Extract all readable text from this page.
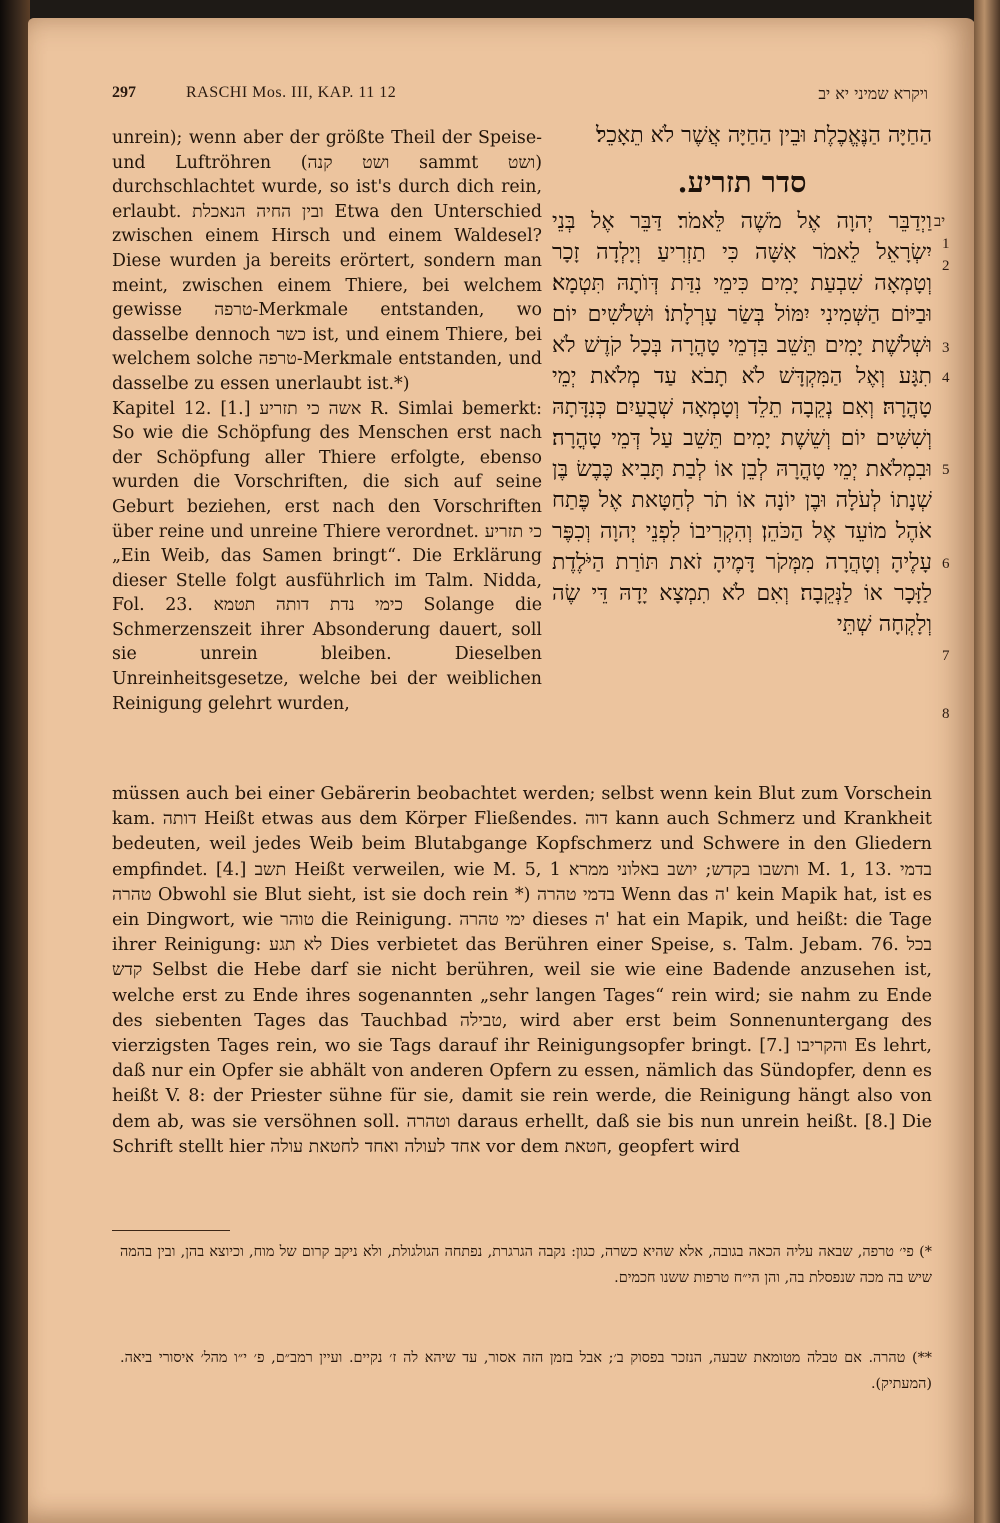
297	RASCHI Mos. III, KAP. 11 12	ויקרא שמיני יא יב

unrein); wenn aber der größte Theil der Speise- und Luftröhren (ושט קנה sammt ושט) durchschlachtet wurde, so ist's durch dich rein, erlaubt. ובין החיה הנאכלת Etwa den Unterschied zwischen einem Hirsch und einem Waldesel? Diese wurden ja bereits erörtert, sondern man meint, zwischen einem Thiere, bei welchem gewisse טרפה-Merkmale entstanden, wo dasselbe dennoch כשר ist, und einem Thiere, bei welchem solche טרפה-Merkmale entstanden, und dasselbe zu essen unerlaubt ist.*)

Kapitel 12. [1.] אשה כי תזריע R. Simlai bemerkt: So wie die Schöpfung des Menschen erst nach der Schöpfung aller Thiere erfolgte, ebenso wurden die Vorschriften, die sich auf seine Geburt beziehen, erst nach den Vorschriften über reine und unreine Thiere verordnet. כי תזריע „Ein Weib, das Samen bringt“. Die Erklärung dieser Stelle folgt ausführlich im Talm. Nidda, Fol. 23. כימי נדת דותה תטמא Solange die Schmerzenszeit ihrer Absonderung dauert, soll sie unrein bleiben. Dieselben Unreinheitsgesetze, welche bei der weiblichen Reinigung gelehrt wurden,

הַחַיָּה הַנֶּאֱכֶלֶת וּבֵין הַחַיָּה אֲשֶׁר לֹא תֵאָכֵל׃

סדר תזריע.

וַיְדַבֵּר יְהוָה אֶל מֹשֶׁה לֵּאמֹר׃ דַּבֵּר אֶל בְּנֵי יִשְׂרָאֵל לֵאמֹר אִשָּׁה כִּי תַזְרִיעַ וְיָלְדָה זָכָר וְטָמְאָה שִׁבְעַת יָמִים כִּימֵי נִדַּת דְּוֺתָהּ תִּטְמָא׃ וּבַיּוֹם הַשְּׁמִינִי יִמּוֹל בְּשַׂר עָרְלָתוֹ׃ וּשְׁלֹשִׁים יוֹם וּשְׁלֹשֶׁת יָמִים תֵּשֵׁב בִּדְמֵי טָהֳרָה בְּכָל קֹדֶשׁ לֹא תִגָּע וְאֶל הַמִּקְדָּשׁ לֹא תָבֹא עַד מְלֹאת יְמֵי טָהֳרָהּ׃ וְאִם נְקֵבָה תֵלֵד וְטָמְאָה שְׁבֻעַיִם כְּנִדָּתָהּ וְשִׁשִּׁים יוֹם וְשֵׁשֶׁת יָמִים תֵּשֵׁב עַל דְּמֵי טָהֳרָה׃ וּבִמְלֹאת יְמֵי טָהֳרָהּ לְבֵן אוֹ לְבַת תָּבִיא כֶּבֶשׂ בֶּן שְׁנָתוֹ לְעֹלָה וּבֶן יוֹנָה אוֹ תֹר לְחַטָּאת אֶל פֶּתַח אֹהֶל מוֹעֵד אֶל הַכֹּהֵן׃ וְהִקְרִיבוֹ לִפְנֵי יְהוָה וְכִפֶּר עָלֶיהָ וְטָהֲרָה מִמְּקֹר דָּמֶיהָ זֹאת תּוֹרַת הַיֹּלֶדֶת לַזָּכָר אוֹ לַנְּקֵבָה׃ וְאִם לֹא תִמְצָא יָדָהּ דֵּי שֶׂה וְלָקְחָה שְׁתֵּי

יב
1
2
3
4
5
6
7
8

müssen auch bei einer Gebärerin beobachtet werden; selbst wenn kein Blut zum Vorschein kam. דותה Heißt etwas aus dem Körper Fließendes. דוה kann auch Schmerz und Krankheit bedeuten, weil jedes Weib beim Blutabgange Kopfschmerz und Schwere in den Gliedern empfindet. [4.] תשב Heißt verweilen, wie M. 5, 1 ותשבו בקדש; יושב באלוני ממרא M. 1, 13. בדמי טהרה Obwohl sie Blut sieht, ist sie doch rein *) בדמי טהרה Wenn das ה' kein Mapik hat, ist es ein Dingwort, wie טוהר die Reinigung. ימי טהרה dieses ה' hat ein Mapik, und heißt: die Tage ihrer Reinigung: לא תגע Dies verbietet das Berühren einer Speise, s. Talm. Jebam. 76. בכל קדש Selbst die Hebe darf sie nicht berühren, weil sie wie eine Badende anzusehen ist, welche erst zu Ende ihres sogenannten „sehr langen Tages“ rein wird; sie nahm zu Ende des siebenten Tages das Tauchbad טבילה, wird aber erst beim Sonnenuntergang des vierzigsten Tages rein, wo sie Tags darauf ihr Reinigungsopfer bringt. [7.] והקריבו Es lehrt, daß nur ein Opfer sie abhält von anderen Opfern zu essen, nämlich das Sündopfer, denn es heißt V. 8: der Priester sühne für sie, damit sie rein werde, die Reinigung hängt also von dem ab, was sie versöhnen soll. וטהרה daraus erhellt, daß sie bis nun unrein heißt. [8.] Die Schrift stellt hier אחד לעולה ואחד לחטאת עולה vor dem חטאת, geopfert wird

*) פי׳ טרפה, שבאה עליה הכאה בגובה, אלא שהיא כשרה, כגון: נקבה הגרגרת, נפתחה הגולגולת, ולא ניקב קרום של מוח, וכיוצא בהן, ובין בהמה שיש בה מכה שנפסלת בה, והן הי״ח טרפות ששנו חכמים.
**) טהרה. אם טבלה מטומאת שבעה, הנזכר בפסוק ב׳; אבל בזמן הזה אסור, עד שיהא לה ז׳ נקיים. ועיין רמב״ם, פ׳ י״ו מהל׳ איסורי ביאה. (המעתיק).
